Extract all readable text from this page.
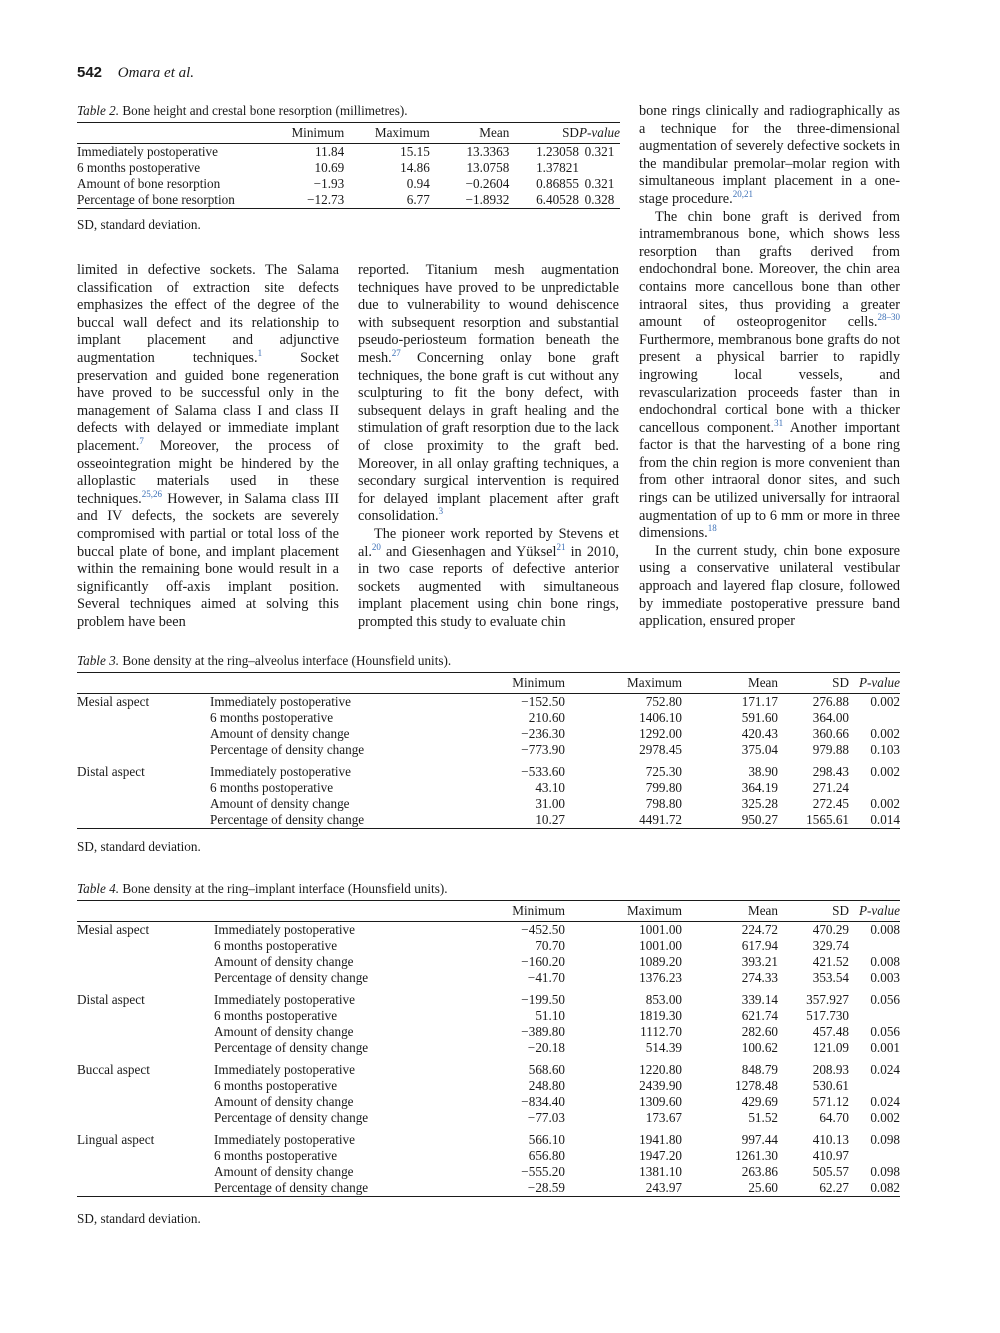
542 Omara et al.
Table 2. Bone height and crestal bone resorption (millimetres).
	Minimum	Maximum	Mean	SD	P-value
Immediately postoperative	11.84	15.15	13.3363	1.23058	0.321
6 months postoperative	10.69	14.86	13.0758	1.37821	
Amount of bone resorption	−1.93	0.94	−0.2604	0.86855	0.321
Percentage of bone resorption	−12.73	6.77	−1.8932	6.40528	0.328
SD, standard deviation.

limited in defective sockets. The Salama classification of extraction site defects emphasizes the effect of the degree of the buccal wall defect and its relationship to implant placement and adjunctive augmentation techniques.$^1$ Socket preservation and guided bone regeneration have proved to be successful only in the management of Salama class I and class II defects with delayed or immediate implant placement.$^7$ Moreover, the process of osseointegration might be hindered by the alloplastic materials used in these techniques.$^{25,26}$ However, in Salama class III and IV defects, the sockets are severely compromised with partial or total loss of the buccal plate of bone, and implant placement within the remaining bone would result in a significantly off-axis implant position. Several techniques aimed at solving this problem have been

reported. Titanium mesh augmentation techniques have proved to be unpredictable due to vulnerability to wound dehiscence with subsequent resorption and substantial pseudo-periosteum formation beneath the mesh.$^{27}$ Concerning onlay bone graft techniques, the bone graft is cut without any sculpturing to fit the bony defect, with subsequent delays in graft healing and the stimulation of graft resorption due to the lack of close proximity to the graft bed. Moreover, in all onlay grafting techniques, a secondary surgical intervention is required for delayed implant placement after graft consolidation.$^3$

The pioneer work reported by Stevens et al.$^{20}$ and Giesenhagen and Yüksel$^{21}$ in 2010, in two case reports of defective anterior sockets augmented with simultaneous implant placement using chin bone rings, prompted this study to evaluate chin

bone rings clinically and radiographically as a technique for the three-dimensional augmentation of severely defective sockets in the mandibular premolar–molar region with simultaneous implant placement in a one-stage procedure.$^{20,21}$

The chin bone graft is derived from intramembranous bone, which shows less resorption than grafts derived from endochondral bone. Moreover, the chin area contains more cancellous bone than other intraoral sites, thus providing a greater amount of osteoprogenitor cells.$^{28-30}$ Furthermore, membranous bone grafts do not present a physical barrier to rapidly ingrowing local vessels, and revascularization proceeds faster than in endochondral cortical bone with a thicker cancellous component.$^{31}$ Another important factor is that the harvesting of a bone ring from the chin region is more convenient than from other intraoral donor sites, and such rings can be utilized universally for intraoral augmentation of up to 6 mm or more in three dimensions.$^{18}$

In the current study, chin bone exposure using a conservative unilateral vestibular approach and layered flap closure, followed by immediate postoperative pressure band application, ensured proper

Table 3. Bone density at the ring–alveolus interface (Hounsfield units).
		Minimum	Maximum	Mean	SD	P-value
Mesial aspect	Immediately postoperative	−152.50	752.80	171.17	276.88	0.002
	6 months postoperative	210.60	1406.10	591.60	364.00	
	Amount of density change	−236.30	1292.00	420.43	360.66	0.002
	Percentage of density change	−773.90	2978.45	375.04	979.88	0.103
Distal aspect	Immediately postoperative	−533.60	725.30	38.90	298.43	0.002
	6 months postoperative	43.10	799.80	364.19	271.24	
	Amount of density change	31.00	798.80	325.28	272.45	0.002
	Percentage of density change	10.27	4491.72	950.27	1565.61	0.014
SD, standard deviation.
Table 4. Bone density at the ring–implant interface (Hounsfield units).
		Minimum	Maximum	Mean	SD	P-value
Mesial aspect	Immediately postoperative	−452.50	1001.00	224.72	470.29	0.008
	6 months postoperative	70.70	1001.00	617.94	329.74	
	Amount of density change	−160.20	1089.20	393.21	421.52	0.008
	Percentage of density change	−41.70	1376.23	274.33	353.54	0.003
Distal aspect	Immediately postoperative	−199.50	853.00	339.14	357.927	0.056
	6 months postoperative	51.10	1819.30	621.74	517.730	
	Amount of density change	−389.80	1112.70	282.60	457.48	0.056
	Percentage of density change	−20.18	514.39	100.62	121.09	0.001
Buccal aspect	Immediately postoperative	568.60	1220.80	848.79	208.93	0.024
	6 months postoperative	248.80	2439.90	1278.48	530.61	
	Amount of density change	−834.40	1309.60	429.69	571.12	0.024
	Percentage of density change	−77.03	173.67	51.52	64.70	0.002
Lingual aspect	Immediately postoperative	566.10	1941.80	997.44	410.13	0.098
	6 months postoperative	656.80	1947.20	1261.30	410.97	
	Amount of density change	−555.20	1381.10	263.86	505.57	0.098
	Percentage of density change	−28.59	243.97	25.60	62.27	0.082
SD, standard deviation.
